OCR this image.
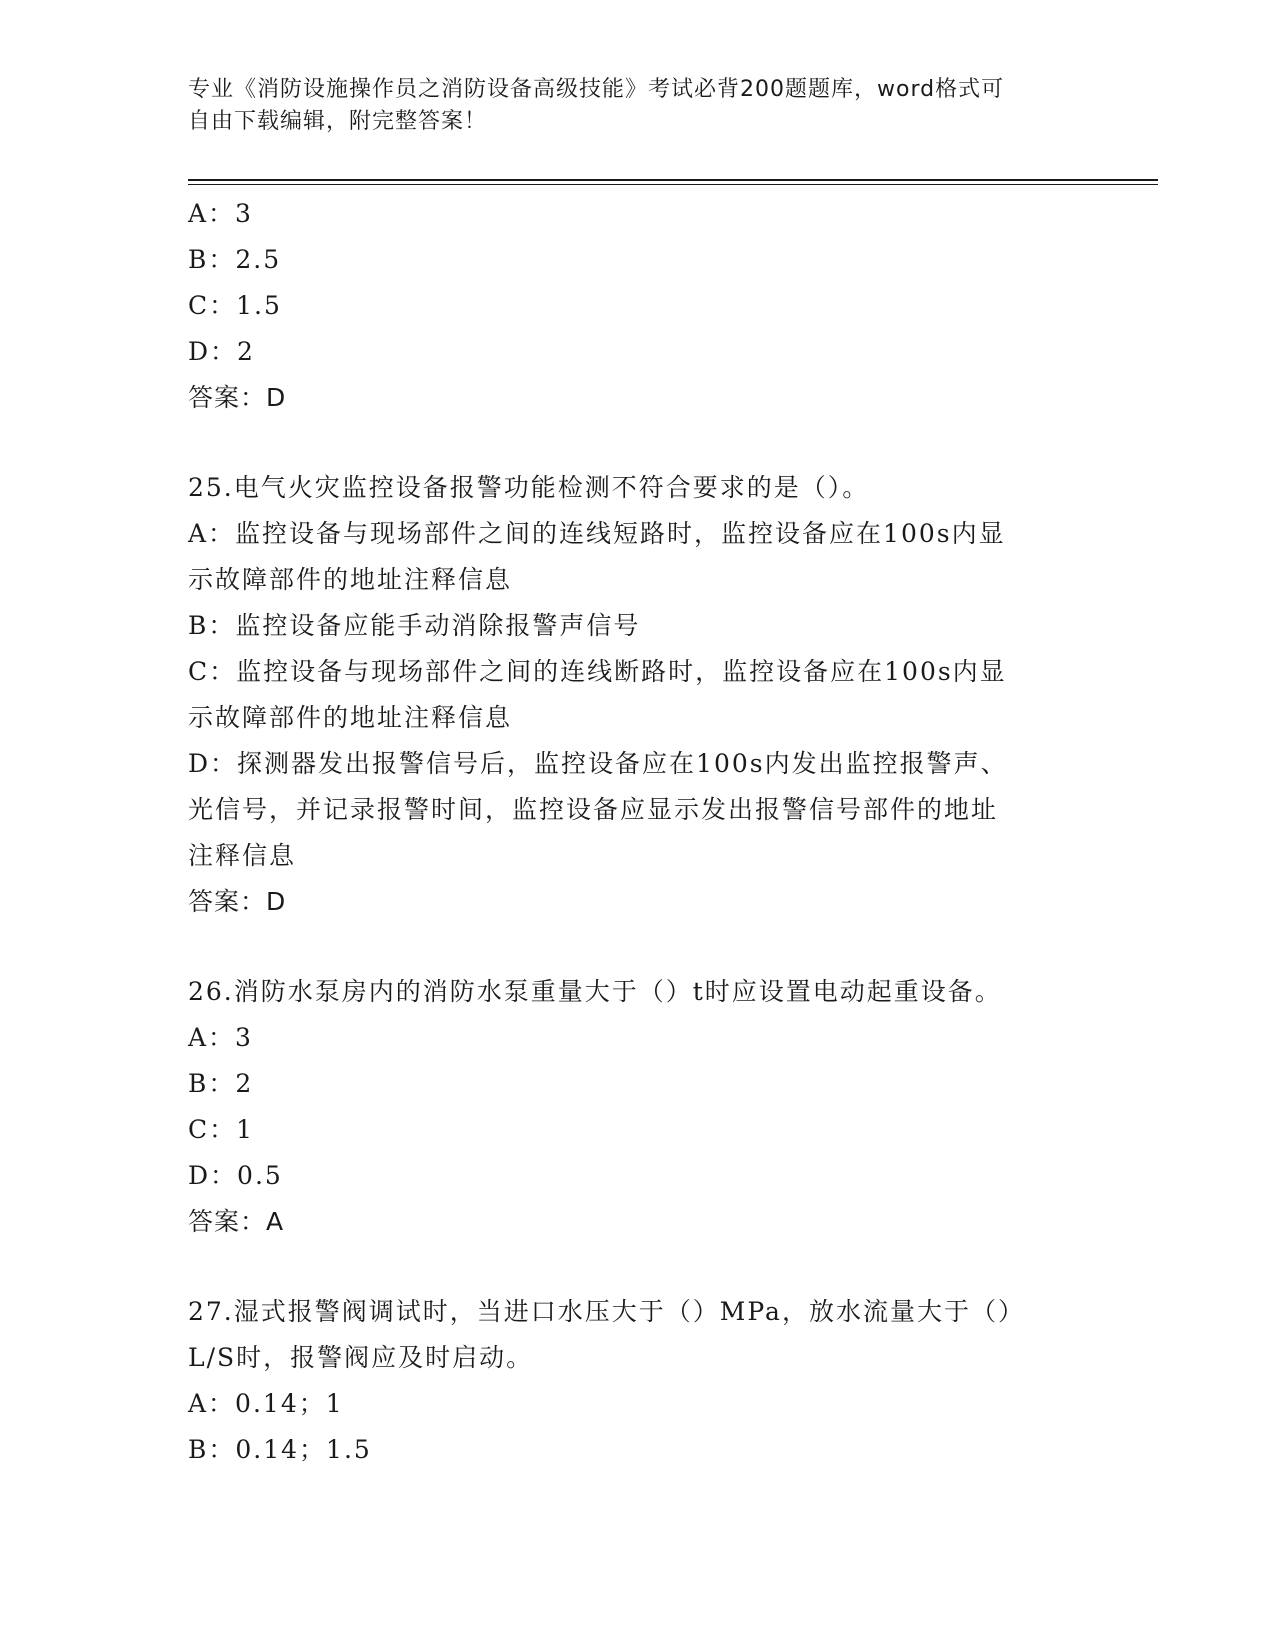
专业《消防设施操作员之消防设备高级技能》考试必背200题题库，word格式可
自由下载编辑，附完整答案！
A：3
B：2.5
C：1.5
D：2
答案：D
25.电气火灾监控设备报警功能检测不符合要求的是（）。
A：监控设备与现场部件之间的连线短路时，监控设备应在100s内显
示故障部件的地址注释信息
B：监控设备应能手动消除报警声信号
C：监控设备与现场部件之间的连线断路时，监控设备应在100s内显
示故障部件的地址注释信息
D：探测器发出报警信号后，监控设备应在100s内发出监控报警声、
光信号，并记录报警时间，监控设备应显示发出报警信号部件的地址
注释信息
答案：D
26.消防水泵房内的消防水泵重量大于（）t时应设置电动起重设备。
A：3
B：2
C：1
D：0.5
答案：A
27.湿式报警阀调试时，当进口水压大于（）MPa，放水流量大于（）
L/S时，报警阀应及时启动。
A：0.14；1
B：0.14；1.5
